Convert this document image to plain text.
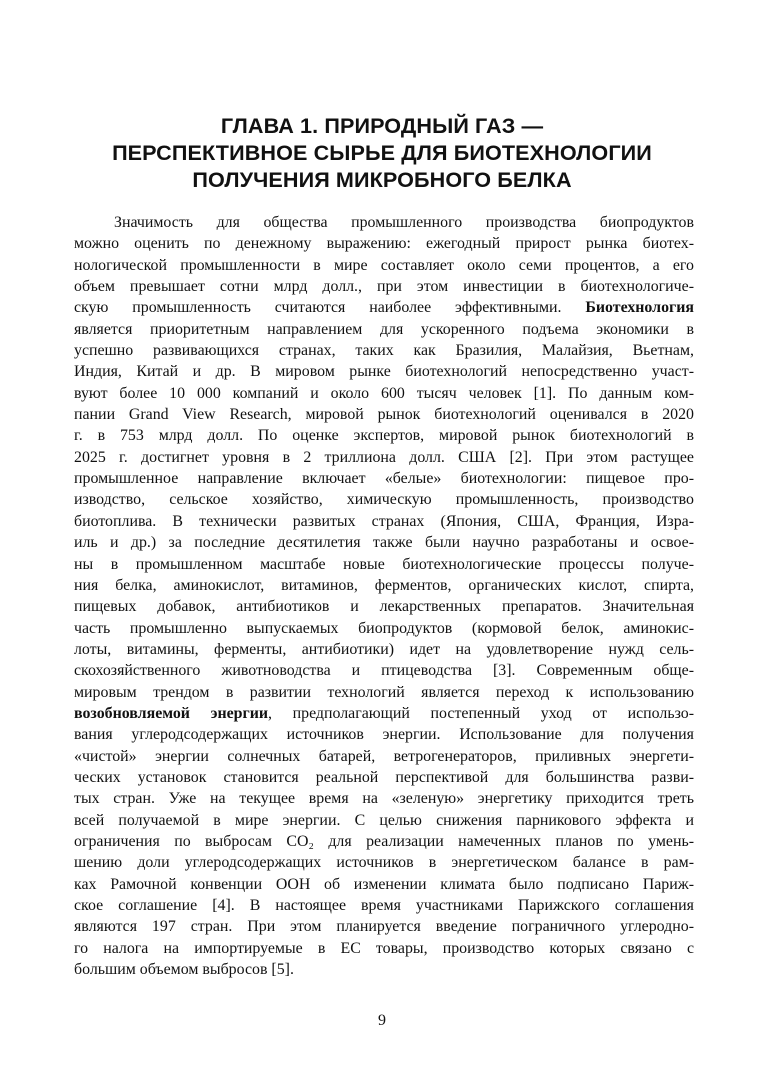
ГЛАВА 1. ПРИРОДНЫЙ ГАЗ —
ПЕРСПЕКТИВНОЕ СЫРЬЕ ДЛЯ БИОТЕХНОЛОГИИ
ПОЛУЧЕНИЯ МИКРОБНОГО БЕЛКА
Значимость для общества промышленного производства биопродуктов
можно оценить по денежному выражению: ежегодный прирост рынка биотех-
нологической промышленности в мире составляет около семи процентов, а его
объем превышает сотни млрд долл., при этом инвестиции в биотехнологиче-
скую промышленность считаются наиболее эффективными. Биотехнология
является приоритетным направлением для ускоренного подъема экономики в
успешно развивающихся странах, таких как Бразилия, Малайзия, Вьетнам,
Индия, Китай и др. В мировом рынке биотехнологий непосредственно участ-
вуют более 10 000 компаний и около 600 тысяч человек [1]. По данным ком-
пании Grand View Research, мировой рынок биотехнологий оценивался в 2020
г. в 753 млрд долл. По оценке экспертов, мировой рынок биотехнологий в
2025 г. достигнет уровня в 2 триллиона долл. США [2]. При этом растущее
промышленное направление включает «белые» биотехнологии: пищевое про-
изводство, сельское хозяйство, химическую промышленность, производство
биотоплива. В технически развитых странах (Япония, США, Франция, Изра-
иль и др.) за последние десятилетия также были научно разработаны и освое-
ны в промышленном масштабе новые биотехнологические процессы получе-
ния белка, аминокислот, витаминов, ферментов, органических кислот, спирта,
пищевых добавок, антибиотиков и лекарственных препаратов. Значительная
часть промышленно выпускаемых биопродуктов (кормовой белок, аминокис-
лоты, витамины, ферменты, антибиотики) идет на удовлетворение нужд сель-
скохозяйственного животноводства и птицеводства [3]. Современным обще-
мировым трендом в развитии технологий является переход к использованию
возобновляемой энергии, предполагающий постепенный уход от использо-
вания углеродсодержащих источников энергии. Использование для получения
«чистой» энергии солнечных батарей, ветрогенераторов, приливных энергети-
ческих установок становится реальной перспективой для большинства разви-
тых стран. Уже на текущее время на «зеленую» энергетику приходится треть
всей получаемой в мире энергии. С целью снижения парникового эффекта и
ограничения по выбросам CO₂ для реализации намеченных планов по умень-
шению доли углеродсодержащих источников в энергетическом балансе в рам-
ках Рамочной конвенции ООН об изменении климата было подписано Париж-
ское соглашение [4]. В настоящее время участниками Парижского соглашения
являются 197 стран. При этом планируется введение пограничного углеродно-
го налога на импортируемые в ЕС товары, производство которых связано с
большим объемом выбросов [5].
9
